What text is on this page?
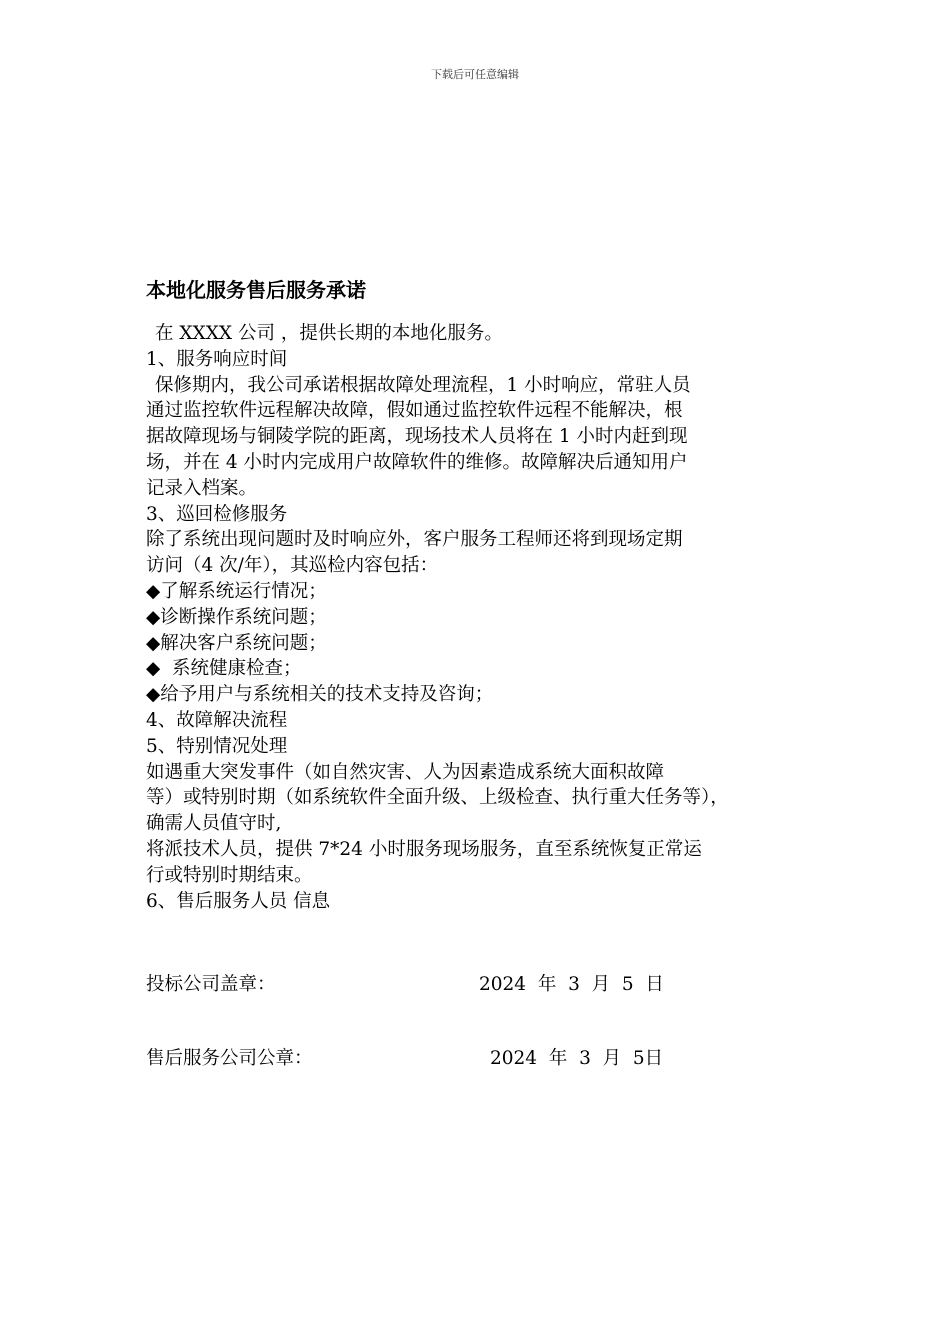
下载后可任意编辑
本地化服务售后服务承诺
在 XXXX 公司 ，提供长期的本地化服务。
1、服务响应时间
保修期内，我公司承诺根据故障处理流程，1 小时响应，常驻人员
通过监控软件远程解决故障，假如通过监控软件远程不能解决，根
据故障现场与铜陵学院的距离，现场技术人员将在 1 小时内赶到现
场，并在 4 小时内完成用户故障软件的维修。故障解决后通知用户
记录入档案。
3、巡回检修服务
除了系统出现问题时及时响应外，客户服务工程师还将到现场定期
访问（4 次/年），其巡检内容包括：
◆了解系统运行情况；
◆诊断操作系统问题；
◆解决客户系统问题；
◆  系统健康检查；
◆给予用户与系统相关的技术支持及咨询；
4、故障解决流程
5、特别情况处理
如遇重大突发事件（如自然灾害、人为因素造成系统大面积故障
等）或特别时期（如系统软件全面升级、上级检查、执行重大任务等），
确需人员值守时,
将派技术人员，提供 7*24 小时服务现场服务，直至系统恢复正常运
行或特别时期结束。
6、售后服务人员 信息
投标公司盖章：	2024  年  3  月  5  日
售后服务公司公章：	2024  年  3  月  5日
